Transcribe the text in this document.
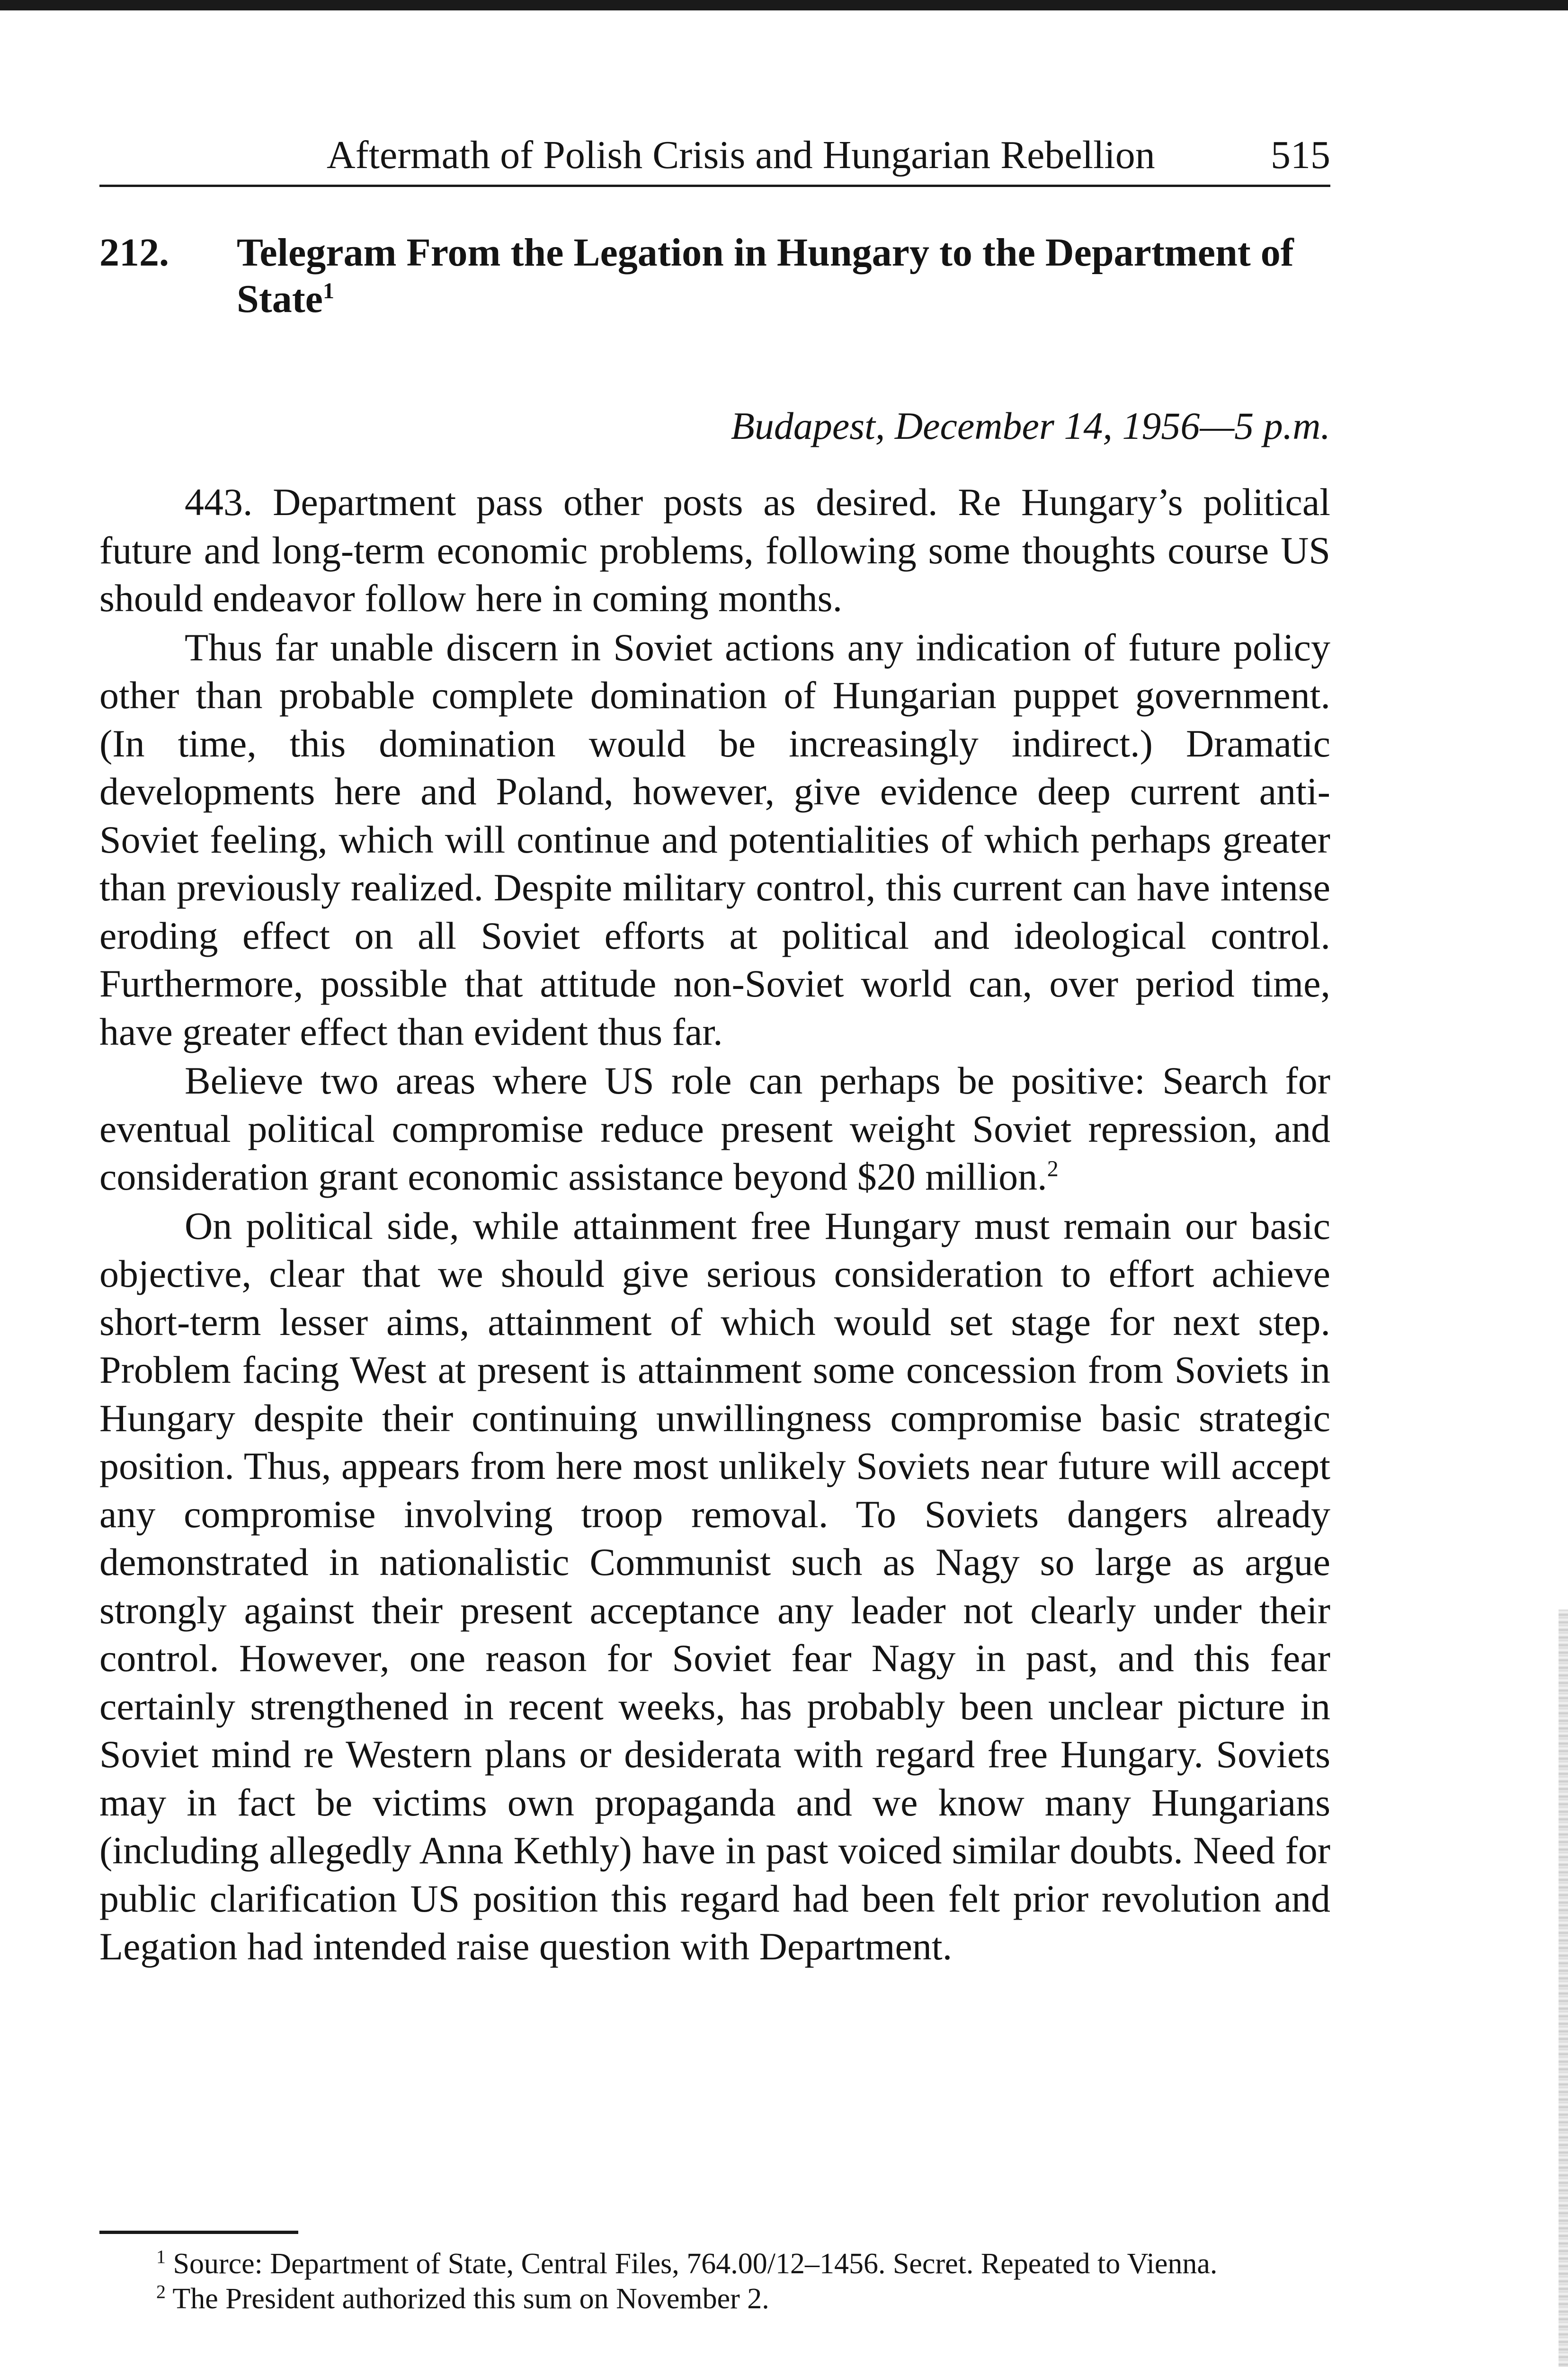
Aftermath of Polish Crisis and Hungarian Rebellion	515
212. Telegram From the Legation in Hungary to the Department of State$^1$
Budapest, December 14, 1956—5 p.m.

443. Department pass other posts as desired. Re Hungary’s political future and long-term economic problems, following some thoughts course US should endeavor follow here in coming months.

Thus far unable discern in Soviet actions any indication of future policy other than probable complete domination of Hungarian puppet government. (In time, this domination would be increasingly indirect.) Dramatic developments here and Poland, however, give evidence deep current anti-Soviet feeling, which will continue and potentialities of which perhaps greater than previously realized. Despite military control, this current can have intense eroding effect on all Soviet efforts at political and ideological control. Furthermore, possible that attitude non-Soviet world can, over period time, have greater effect than evident thus far.

Believe two areas where US role can perhaps be positive: Search for eventual political compromise reduce present weight Soviet repression, and consideration grant economic assistance beyond $20 million.$^2$

On political side, while attainment free Hungary must remain our basic objective, clear that we should give serious consideration to effort achieve short-term lesser aims, attainment of which would set stage for next step. Problem facing West at present is attainment some concession from Soviets in Hungary despite their continuing unwillingness compromise basic strategic position. Thus, appears from here most unlikely Soviets near future will accept any compromise involving troop removal. To Soviets dangers already demonstrated in nationalistic Communist such as Nagy so large as argue strongly against their present acceptance any leader not clearly under their control. However, one reason for Soviet fear Nagy in past, and this fear certainly strengthened in recent weeks, has probably been unclear picture in Soviet mind re Western plans or desiderata with regard free Hungary. Soviets may in fact be victims own propaganda and we know many Hungarians (including allegedly Anna Kethly) have in past voiced similar doubts. Need for public clarification US position this regard had been felt prior revolution and Legation had intended raise question with Department.

$^1$ Source: Department of State, Central Files, 764.00/12–1456. Secret. Repeated to Vienna.

$^2$ The President authorized this sum on November 2.
